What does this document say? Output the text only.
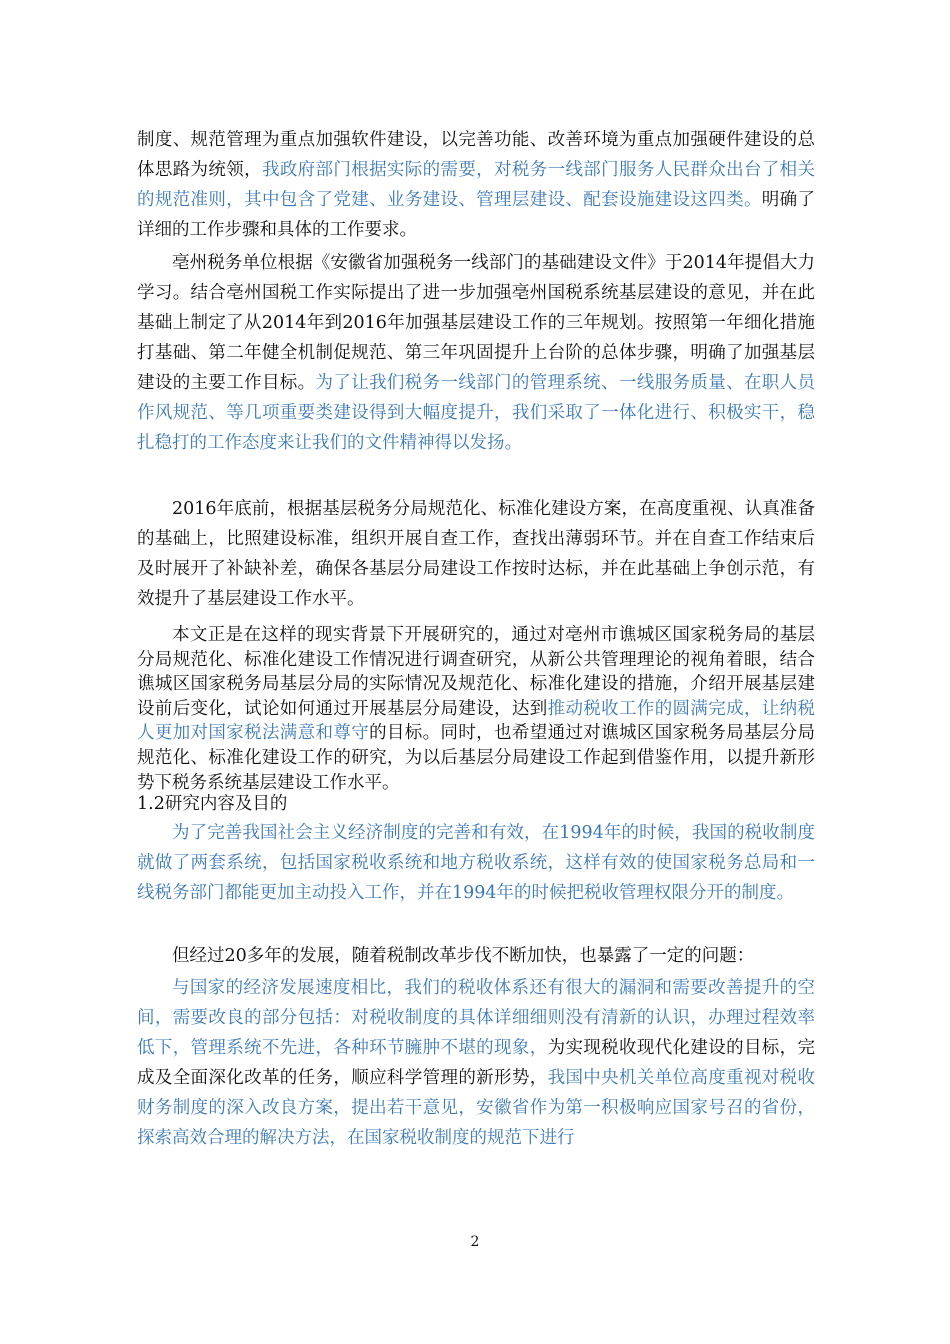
制度、规范管理为重点加强软件建设，以完善功能、改善环境为重点加强硬件建设的总体思路为统领，我政府部门根据实际的需要，对税务一线部门服务人民群众出台了相关的规范准则，其中包含了党建、业务建设、管理层建设、配套设施建设这四类。明确了详细的工作步骤和具体的工作要求。

亳州税务单位根据《安徽省加强税务一线部门的基础建设文件》于2014年提倡大力学习。结合亳州国税工作实际提出了进一步加强亳州国税系统基层建设的意见，并在此基础上制定了从2014年到2016年加强基层建设工作的三年规划。按照第一年细化措施打基础、第二年健全机制促规范、第三年巩固提升上台阶的总体步骤，明确了加强基层建设的主要工作目标。为了让我们税务一线部门的管理系统、一线服务质量、在职人员作风规范、等几项重要类建设得到大幅度提升，我们采取了一体化进行、积极实干，稳扎稳打的工作态度来让我们的文件精神得以发扬。

2016年底前，根据基层税务分局规范化、标准化建设方案，在高度重视、认真准备的基础上，比照建设标准，组织开展自查工作，查找出薄弱环节。并在自查工作结束后及时展开了补缺补差，确保各基层分局建设工作按时达标，并在此基础上争创示范，有效提升了基层建设工作水平。

本文正是在这样的现实背景下开展研究的，通过对亳州市谯城区国家税务局的基层分局规范化、标准化建设工作情况进行调查研究，从新公共管理理论的视角着眼，结合谯城区国家税务局基层分局的实际情况及规范化、标准化建设的措施，介绍开展基层建设前后变化，试论如何通过开展基层分局建设，达到推动税收工作的圆满完成，让纳税人更加对国家税法满意和尊守的目标。同时，也希望通过对谯城区国家税务局基层分局规范化、标准化建设工作的研究，为以后基层分局建设工作起到借鉴作用，以提升新形势下税务系统基层建设工作水平。

1.2研究内容及目的

为了完善我国社会主义经济制度的完善和有效，在1994年的时候，我国的税收制度就做了两套系统，包括国家税收系统和地方税收系统，这样有效的使国家税务总局和一线税务部门都能更加主动投入工作，并在1994年的时候把税收管理权限分开的制度。

但经过20多年的发展，随着税制改革步伐不断加快，也暴露了一定的问题：

与国家的经济发展速度相比，我们的税收体系还有很大的漏洞和需要改善提升的空间，需要改良的部分包括：对税收制度的具体详细细则没有清新的认识，办理过程效率低下，管理系统不先进，各种环节臃肿不堪的现象，为实现税收现代化建设的目标，完成及全面深化改革的任务，顺应科学管理的新形势，我国中央机关单位高度重视对税收财务制度的深入改良方案，提出若干意见，安徽省作为第一积极响应国家号召的省份，探索高效合理的解决方法，在国家税收制度的规范下进行

2
